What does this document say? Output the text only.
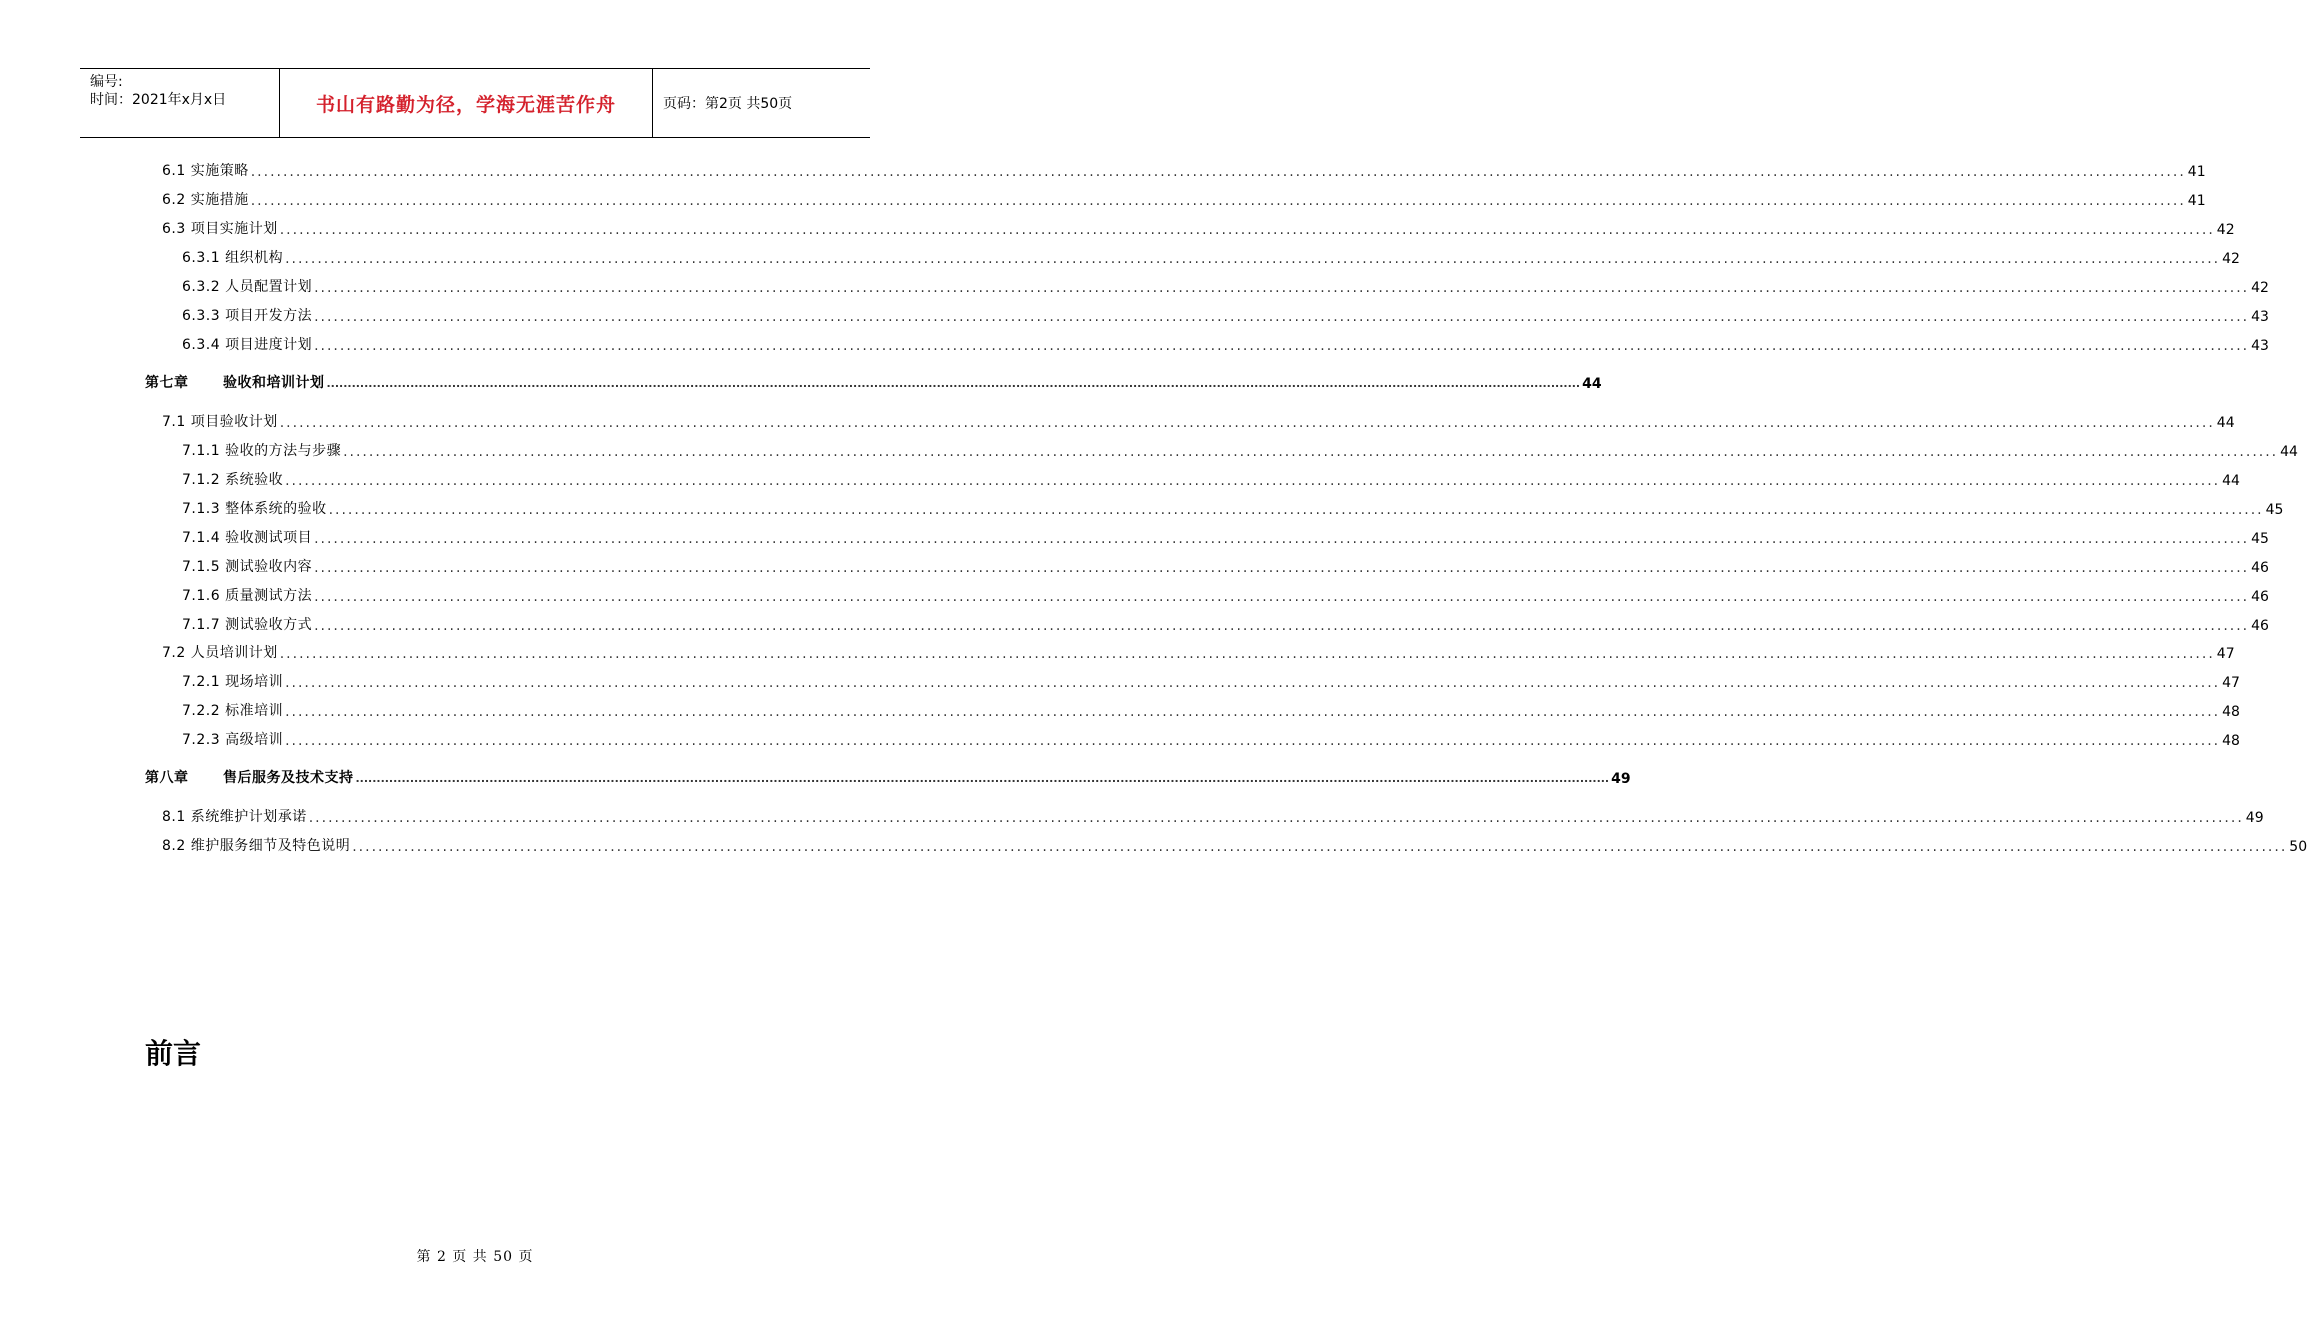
编号:
时间：2021年x月x日	书山有路勤为径，学海无涯苦作舟	页码：第2页 共50页
6.1 实施策略 ............................................................................................................................................................................................................................................................................................................ 41
6.2 实施措施 ............................................................................................................................................................................................................................................................................................................ 41
6.3 项目实施计划 ............................................................................................................................................................................................................................................................................................................ 42
6.3.1 组织机构 ............................................................................................................................................................................................................................................................................................................ 42
6.3.2 人员配置计划 ............................................................................................................................................................................................................................................................................................................ 42
6.3.3 项目开发方法 ............................................................................................................................................................................................................................................................................................................ 43
6.3.4 项目进度计划 ............................................................................................................................................................................................................................................................................................................ 43
第七章 验收和培训计划 ............................................................................................................................................................................................................................................................................................................ 44
7.1 项目验收计划 ............................................................................................................................................................................................................................................................................................................ 44
7.1.1 验收的方法与步骤 ............................................................................................................................................................................................................................................................................................................ 44
7.1.2 系统验收 ............................................................................................................................................................................................................................................................................................................ 44
7.1.3 整体系统的验收 ............................................................................................................................................................................................................................................................................................................ 45
7.1.4 验收测试项目 ............................................................................................................................................................................................................................................................................................................ 45
7.1.5 测试验收内容 ............................................................................................................................................................................................................................................................................................................ 46
7.1.6 质量测试方法 ............................................................................................................................................................................................................................................................................................................ 46
7.1.7 测试验收方式 ............................................................................................................................................................................................................................................................................................................ 46
7.2 人员培训计划 ............................................................................................................................................................................................................................................................................................................ 47
7.2.1 现场培训 ............................................................................................................................................................................................................................................................................................................ 47
7.2.2 标准培训 ............................................................................................................................................................................................................................................................................................................ 48
7.2.3 高级培训 ............................................................................................................................................................................................................................................................................................................ 48
第八章 售后服务及技术支持 ............................................................................................................................................................................................................................................................................................................ 49
8.1 系统维护计划承诺 ............................................................................................................................................................................................................................................................................................................ 49
8.2 维护服务细节及特色说明 ............................................................................................................................................................................................................................................................................................................ 50
前言
第 2 页 共 50 页
